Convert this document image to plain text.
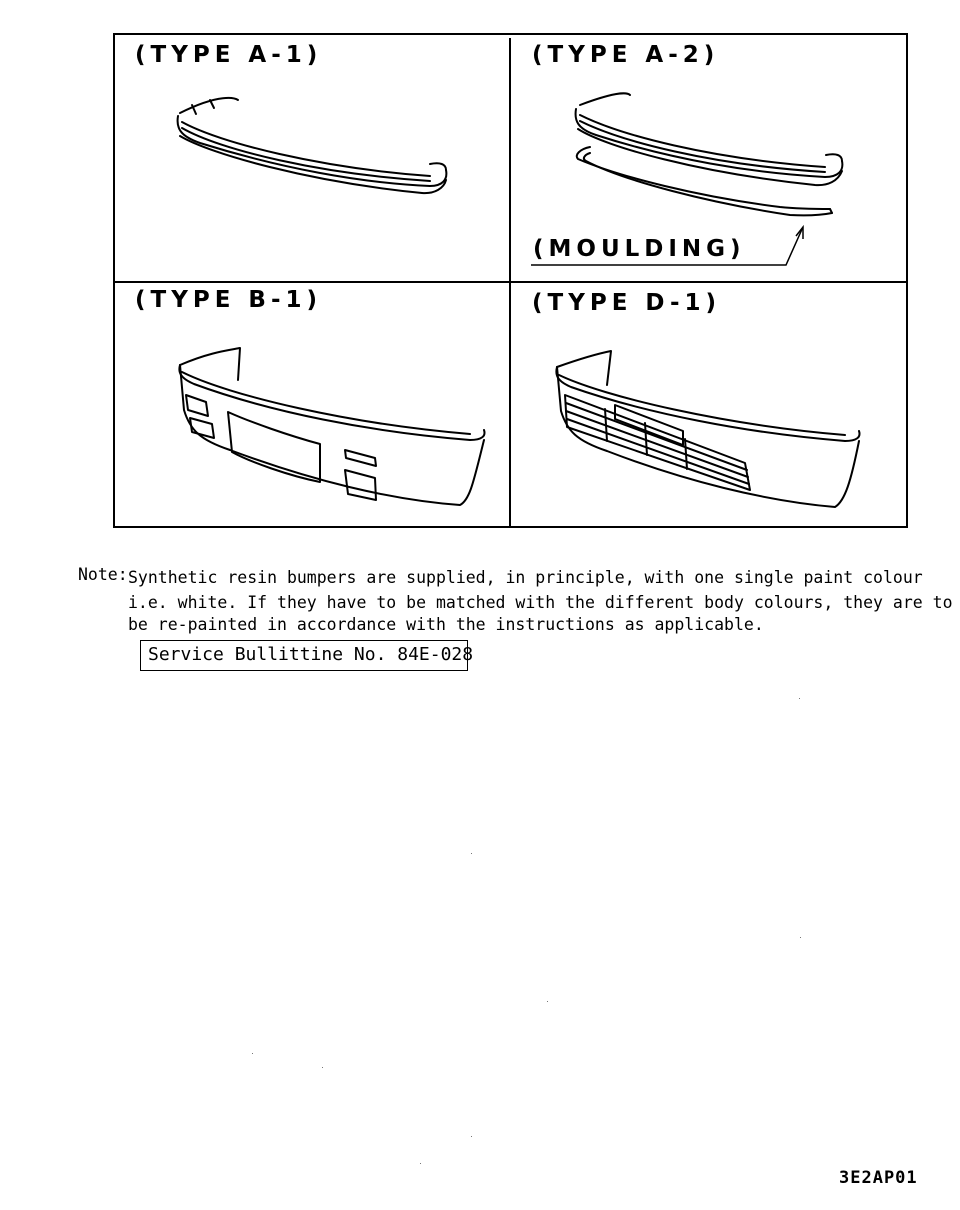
(TYPE A-1)	(TYPE A-2)
(MOULDING)
(TYPE B-1)	(TYPE D-1)
Note: Synthetic resin bumpers are supplied, in principle, with one single paint colour
i.e. white. If they have to be matched with the different body colours, they are to
be re-painted in accordance with the instructions as applicable.
Service Bullittine No. 84E-028
3E2AP01
